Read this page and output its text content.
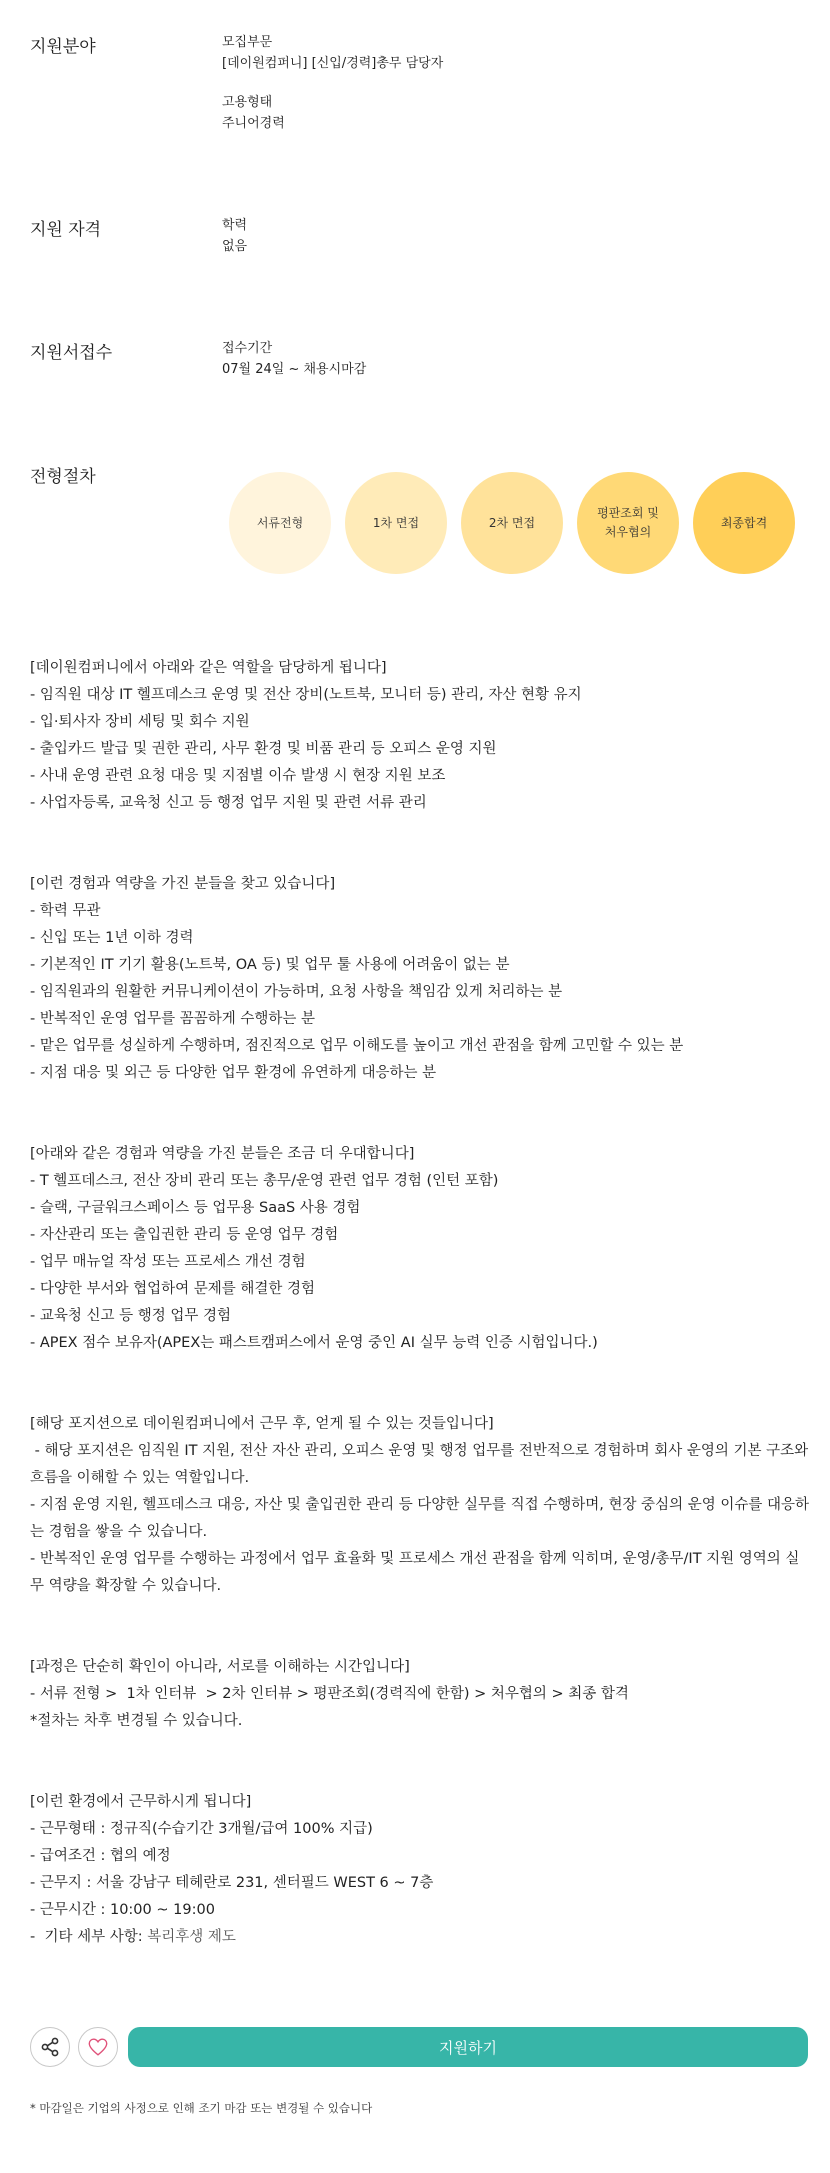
지원분야	모집부문
[데이원컴퍼니] [신입/경력]총무 담당자
고용형태
주니어경력
지원 자격	학력
없음
지원서접수	접수기간
07월 24일 ~ 채용시마감
전형절차
서류전형	1차 면접	2차 면접
평판조회 및
처우협의
최종합격

[데이원컴퍼니에서 아래와 같은 역할을 담당하게 됩니다]

- 임직원 대상 IT 헬프데스크 운영 및 전산 장비(노트북, 모니터 등) 관리, 자산 현황 유지

- 입·퇴사자 장비 세팅 및 회수 지원

- 출입카드 발급 및 권한 관리, 사무 환경 및 비품 관리 등 오피스 운영 지원

- 사내 운영 관련 요청 대응 및 지점별 이슈 발생 시 현장 지원 보조

- 사업자등록, 교육청 신고 등 행정 업무 지원 및 관련 서류 관리

[이런 경험과 역량을 가진 분들을 찾고 있습니다]

- 학력 무관

- 신입 또는 1년 이하 경력

- 기본적인 IT 기기 활용(노트북, OA 등) 및 업무 툴 사용에 어려움이 없는 분

- 임직원과의 원활한 커뮤니케이션이 가능하며, 요청 사항을 책임감 있게 처리하는 분

- 반복적인 운영 업무를 꼼꼼하게 수행하는 분

- 맡은 업무를 성실하게 수행하며, 점진적으로 업무 이해도를 높이고 개선 관점을 함께 고민할 수 있는 분

- 지점 대응 및 외근 등 다양한 업무 환경에 유연하게 대응하는 분

[아래와 같은 경험과 역량을 가진 분들은 조금 더 우대합니다]

- T 헬프데스크, 전산 장비 관리 또는 총무/운영 관련 업무 경험 (인턴 포함)

- 슬랙, 구글워크스페이스 등 업무용 SaaS 사용 경험

- 자산관리 또는 출입권한 관리 등 운영 업무 경험

- 업무 매뉴얼 작성 또는 프로세스 개선 경험

- 다양한 부서와 협업하여 문제를 해결한 경험

- 교육청 신고 등 행정 업무 경험

- APEX 점수 보유자(APEX는 패스트캠퍼스에서 운영 중인 AI 실무 능력 인증 시험입니다.)

[해당 포지션으로 데이원컴퍼니에서 근무 후, 얻게 될 수 있는 것들입니다]

- 해당 포지션은 임직원 IT 지원, 전산 자산 관리, 오피스 운영 및 행정 업무를 전반적으로 경험하며 회사 운영의 기본 구조와 흐름을 이해할 수 있는 역할입니다.

- 지점 운영 지원, 헬프데스크 대응, 자산 및 출입권한 관리 등 다양한 실무를 직접 수행하며, 현장 중심의 운영 이슈를 대응하는 경험을 쌓을 수 있습니다.

- 반복적인 운영 업무를 수행하는 과정에서 업무 효율화 및 프로세스 개선 관점을 함께 익히며, 운영/총무/IT 지원 영역의 실무 역량을 확장할 수 있습니다.

[과정은 단순히 확인이 아니라, 서로를 이해하는 시간입니다]

- 서류 전형 >  1차 인터뷰  > 2차 인터뷰 > 평판조회(경력직에 한함) > 처우협의 > 최종 합격

*절차는 차후 변경될 수 있습니다.

[이런 환경에서 근무하시게 됩니다]

- 근무형태 : 정규직(수습기간 3개월/급여 100% 지급)

- 급여조건 : 협의 예정

- 근무지 : 서울 강남구 테헤란로 231, 센터필드 WEST 6 ~ 7층

- 근무시간 : 10:00 ~ 19:00

-  기타 세부 사항: 복리후생 제도

지원하기
* 마감일은 기업의 사정으로 인해 조기 마감 또는 변경될 수 있습니다
